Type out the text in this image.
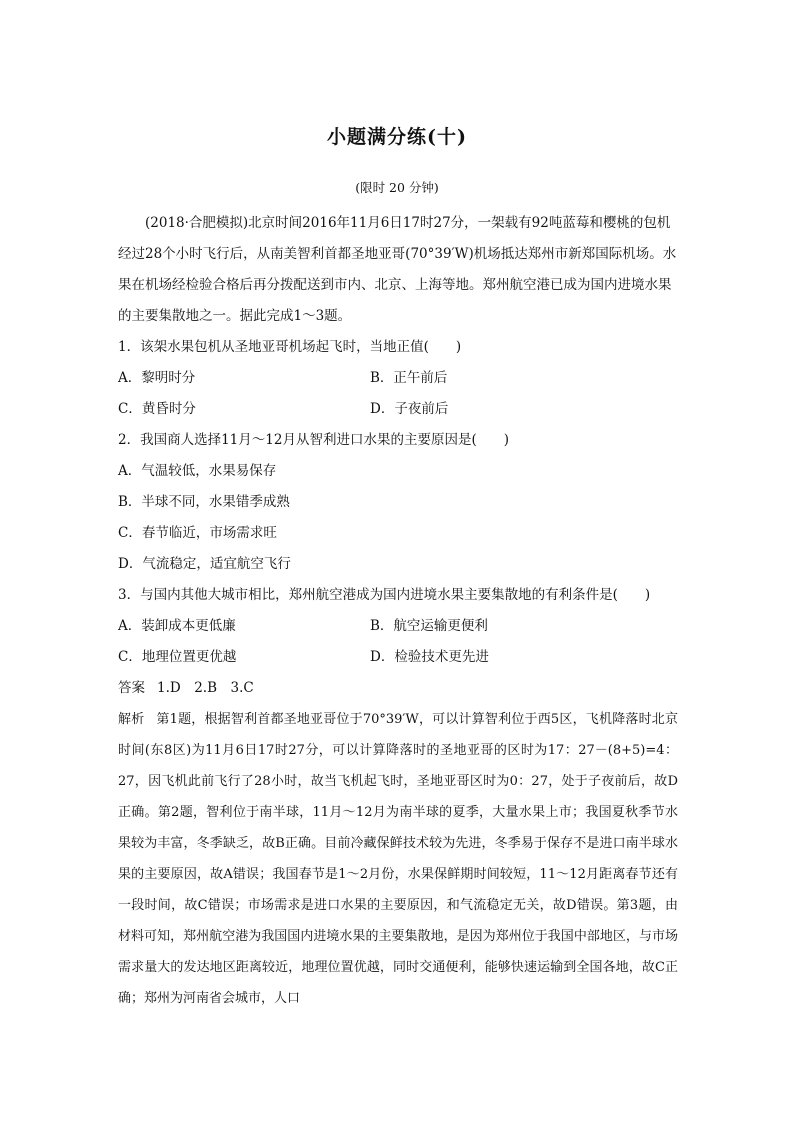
小题满分练(十)
(限时 20 分钟)

(2018·合肥模拟)北京时间2016年11月6日17时27分，一架载有92吨蓝莓和樱桃的包机经过28个小时飞行后，从南美智利首都圣地亚哥(70°39′W)机场抵达郑州市新郑国际机场。水果在机场经检验合格后再分拨配送到市内、北京、上海等地。郑州航空港已成为国内进境水果的主要集散地之一。据此完成1～3题。

1．该架水果包机从圣地亚哥机场起飞时，当地正值(　　)
A．黎明时分	B．正午前后
C．黄昏时分	D．子夜前后
2．我国商人选择11月～12月从智利进口水果的主要原因是(　　)
A．气温较低，水果易保存
B．半球不同，水果错季成熟
C．春节临近，市场需求旺
D．气流稳定，适宜航空飞行
3．与国内其他大城市相比，郑州航空港成为国内进境水果主要集散地的有利条件是(　　)
A．装卸成本更低廉	B．航空运输更便利
C．地理位置更优越	D．检验技术更先进
答案 1.D　2.B　3.C

解析 第1题，根据智利首都圣地亚哥位于70°39′W，可以计算智利位于西5区，飞机降落时北京时间(东8区)为11月6日17时27分，可以计算降落时的圣地亚哥的区时为17：27－(8+5)=4：27，因飞机此前飞行了28小时，故当飞机起飞时，圣地亚哥区时为0：27，处于子夜前后，故D正确。第2题，智利位于南半球，11月～12月为南半球的夏季，大量水果上市；我国夏秋季节水果较为丰富，冬季缺乏，故B正确。目前冷藏保鲜技术较为先进，冬季易于保存不是进口南半球水果的主要原因，故A错误；我国春节是1～2月份，水果保鲜期时间较短，11～12月距离春节还有一段时间，故C错误；市场需求是进口水果的主要原因，和气流稳定无关，故D错误。第3题，由材料可知，郑州航空港为我国国内进境水果的主要集散地，是因为郑州位于我国中部地区，与市场需求量大的发达地区距离较近，地理位置优越，同时交通便利，能够快速运输到全国各地，故C正确；郑州为河南省会城市，人口
